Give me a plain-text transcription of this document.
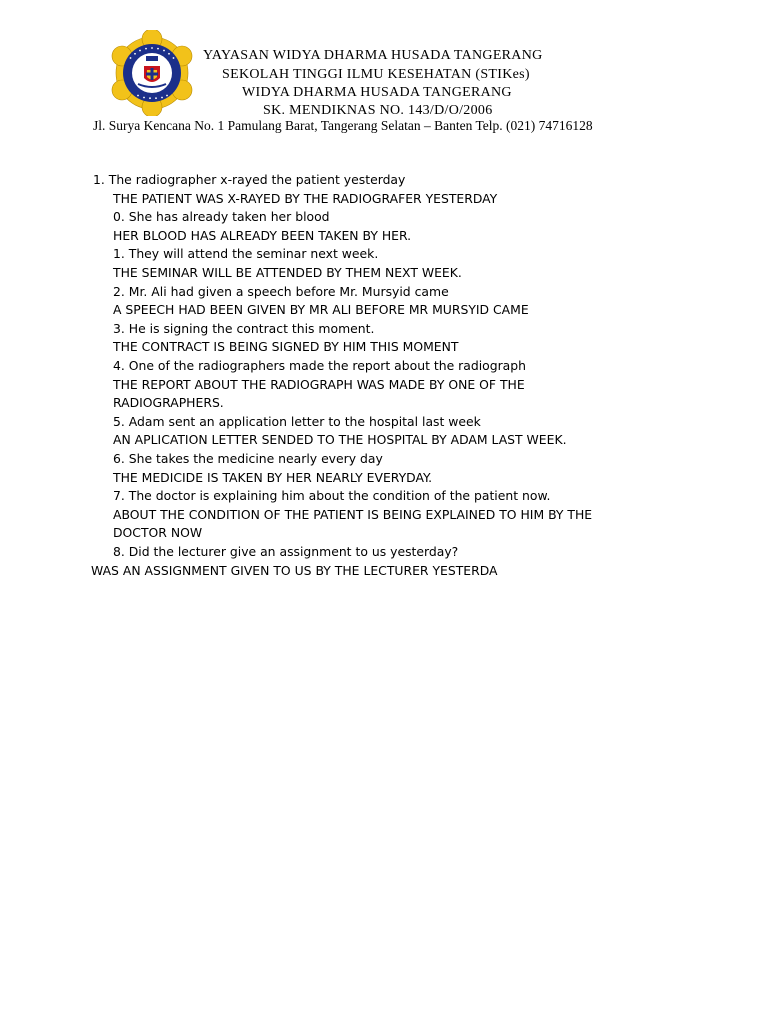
YAYASAN WIDYA DHARMA HUSADA TANGERANG
SEKOLAH TINGGI ILMU KESEHATAN (STIKes)
WIDYA DHARMA HUSADA TANGERANG
SK. MENDIKNAS NO. 143/D/O/2006
Jl. Surya Kencana No. 1 Pamulang Barat, Tangerang Selatan – Banten Telp. (021) 74716128
1. The radiographer x-rayed the patient yesterday
THE PATIENT WAS X-RAYED BY THE RADIOGRAFER YESTERDAY
0. She has already taken her blood
HER BLOOD HAS ALREADY BEEN TAKEN BY HER.
1. They will attend the seminar next week.
THE SEMINAR WILL BE ATTENDED BY THEM NEXT WEEK.
2. Mr. Ali had given a speech before Mr. Mursyid came
A SPEECH HAD BEEN GIVEN BY MR ALI BEFORE MR MURSYID CAME
3. He is signing the contract this moment.
THE CONTRACT IS BEING SIGNED BY HIM THIS MOMENT
4. One of the radiographers made the report about the radiograph
THE REPORT ABOUT THE RADIOGRAPH WAS MADE BY ONE OF THE
RADIOGRAPHERS.
5. Adam sent an application letter to the hospital last week
AN APLICATION LETTER SENDED TO THE HOSPITAL BY ADAM LAST WEEK.
6. She takes the medicine nearly every day
THE MEDICIDE IS TAKEN BY HER NEARLY EVERYDAY.
7. The doctor is explaining him about the condition of the patient now.
ABOUT THE CONDITION OF THE PATIENT IS BEING EXPLAINED TO HIM BY THE
DOCTOR NOW
8. Did the lecturer give an assignment to us yesterday?
WAS AN ASSIGNMENT GIVEN TO US BY THE LECTURER YESTERDA
